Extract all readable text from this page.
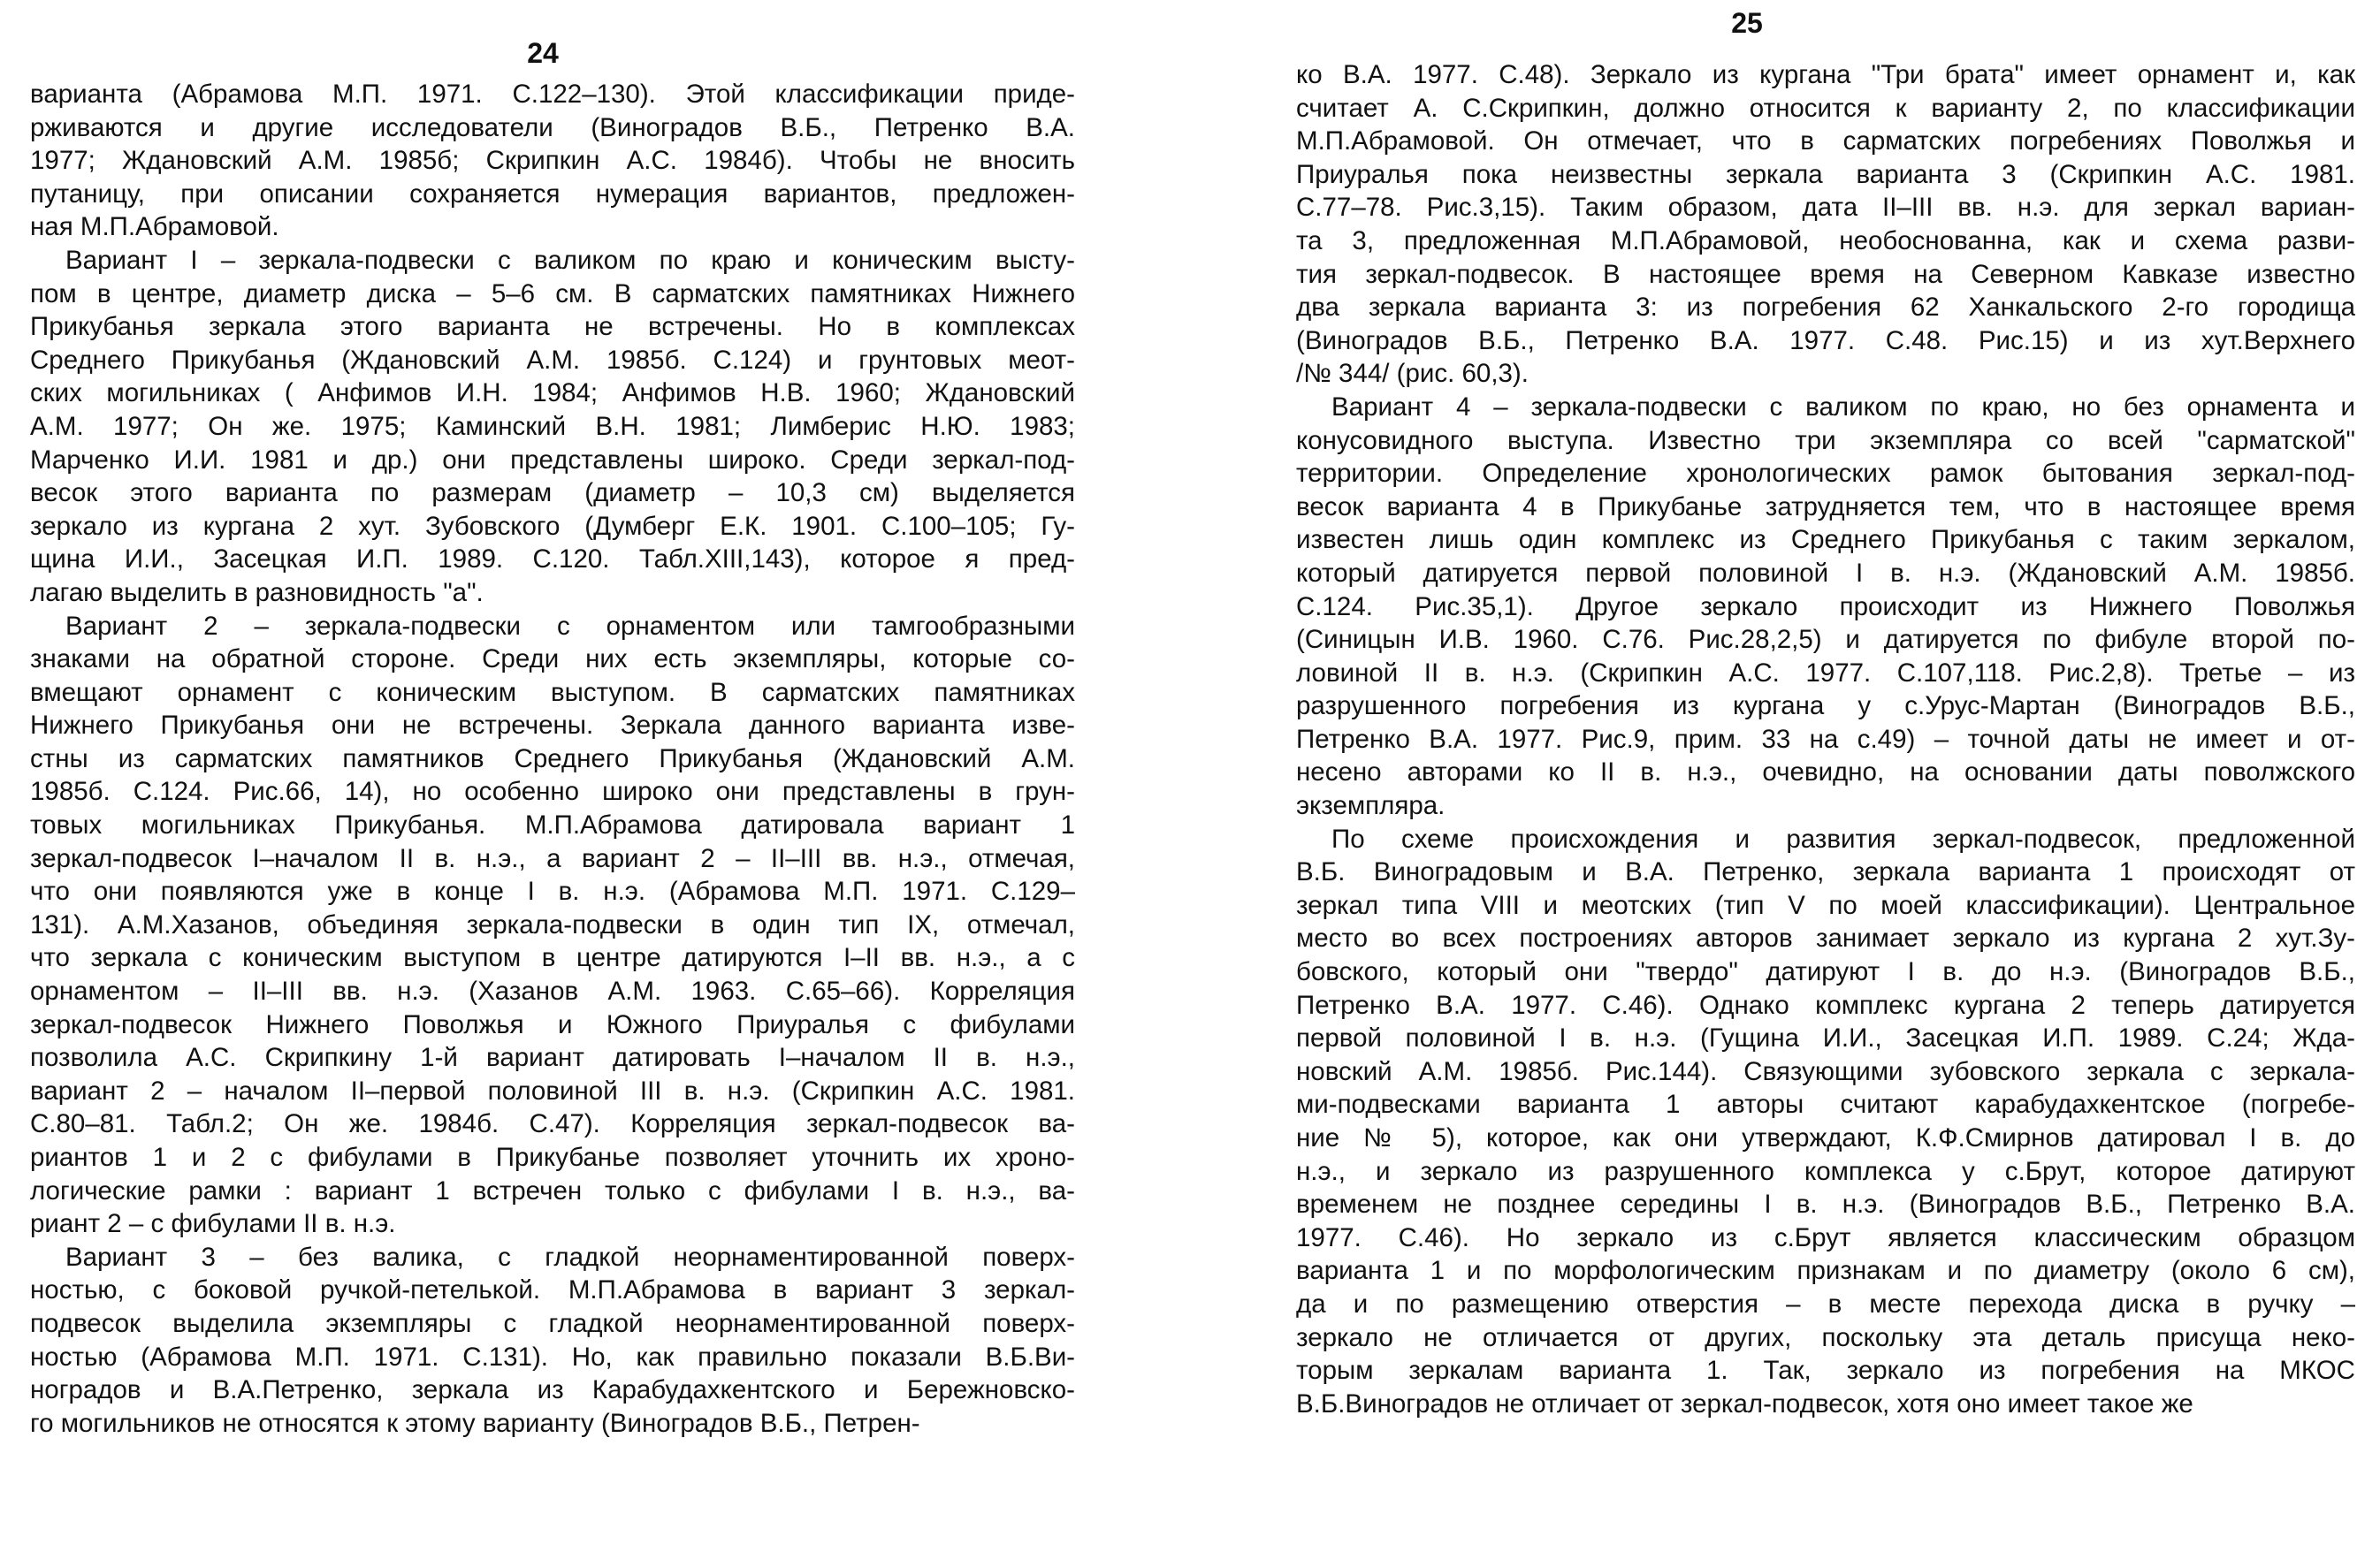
24

варианта (Абрамова М.П. 1971. С.122–130). Этой классификации приде-
рживаются и другие исследователи (Виноградов В.Б., Петренко В.А.
1977; Ждановский А.М. 1985б; Скрипкин А.С. 1984б). Чтобы не вносить
путаницу, при описании сохраняется нумерация вариантов, предложен-
ная М.П.Абрамовой.

Вариант I – зеркала-подвески с валиком по краю и коническим высту-
пом в центре, диаметр диска – 5–6 см. В сарматских памятниках Нижнего
Прикубанья зеркала этого варианта не встречены. Но в комплексах
Среднего Прикубанья (Ждановский А.М. 1985б. С.124) и грунтовых меот-
ских могильниках ( Анфимов И.Н. 1984; Анфимов Н.В. 1960; Ждановский
А.М. 1977; Он же. 1975; Каминский В.Н. 1981; Лимберис Н.Ю. 1983;
Марченко И.И. 1981 и др.) они представлены широко. Среди зеркал-под-
весок этого варианта по размерам (диаметр – 10,3 см) выделяется
зеркало из кургана 2 хут. Зубовского (Думберг Е.К. 1901. С.100–105; Гу-
щина И.И., Засецкая И.П. 1989. С.120. Табл.XIII,143), которое я пред-
лагаю выделить в разновидность "а".

Вариант 2 – зеркала-подвески с орнаментом или тамгообразными
знаками на обратной стороне. Среди них есть экземпляры, которые со-
вмещают орнамент с коническим выступом. В сарматских памятниках
Нижнего Прикубанья они не встречены. Зеркала данного варианта изве-
стны из сарматских памятников Среднего Прикубанья (Ждановский А.М.
1985б. С.124. Рис.66, 14), но особенно широко они представлены в грун-
товых могильниках Прикубанья. М.П.Абрамова датировала вариант 1
зеркал-подвесок I–началом II в. н.э., а вариант 2 – II–III вв. н.э., отмечая,
что они появляются уже в конце I в. н.э. (Абрамова М.П. 1971. С.129–
131). А.М.Хазанов, объединяя зеркала-подвески в один тип IX, отмечал,
что зеркала с коническим выступом в центре датируются I–II вв. н.э., а с
орнаментом – II–III вв. н.э. (Хазанов А.М. 1963. С.65–66). Корреляция
зеркал-подвесок Нижнего Поволжья и Южного Приуралья с фибулами
позволила А.С. Скрипкину 1-й вариант датировать I–началом II в. н.э.,
вариант 2 – началом II–первой половиной III в. н.э. (Скрипкин А.С. 1981.
С.80–81. Табл.2; Он же. 1984б. С.47). Корреляция зеркал-подвесок ва-
риантов 1 и 2 с фибулами в Прикубанье позволяет уточнить их хроно-
логические рамки : вариант 1 встречен только с фибулами I в. н.э., ва-
риант 2 – с фибулами II в. н.э.

Вариант 3 – без валика, с гладкой неорнаментированной поверх-
ностью, с боковой ручкой-петелькой. М.П.Абрамова в вариант 3 зеркал-
подвесок выделила экземпляры с гладкой неорнаментированной поверх-
ностью (Абрамова М.П. 1971. С.131). Но, как правильно показали В.Б.Ви-
ноградов и В.А.Петренко, зеркала из Карабудахкентского и Бережновско-
го могильников не относятся к этому варианту (Виноградов В.Б., Петрен-

25

ко В.А. 1977. С.48). Зеркало из кургана "Три брата" имеет орнамент и, как
считает А. С.Скрипкин, должно относится к варианту 2, по классификации
М.П.Абрамовой. Он отмечает, что в сарматских погребениях Поволжья и
Приуралья пока неизвестны зеркала варианта 3 (Скрипкин А.С. 1981.
С.77–78. Рис.3,15). Таким образом, дата II–III вв. н.э. для зеркал вариан-
та 3, предложенная М.П.Абрамовой, необоснованна, как и схема разви-
тия зеркал-подвесок. В настоящее время на Северном Кавказе известно
два зеркала варианта 3: из погребения 62 Ханкальского 2-го городища
(Виноградов В.Б., Петренко В.А. 1977. С.48. Рис.15) и из хут.Верхнего
/№ 344/ (рис. 60,3).

Вариант 4 – зеркала-подвески с валиком по краю, но без орнамента и
конусовидного выступа. Известно три экземпляра со всей "сарматской"
территории. Определение хронологических рамок бытования зеркал-под-
весок варианта 4 в Прикубанье затрудняется тем, что в настоящее время
известен лишь один комплекс из Среднего Прикубанья с таким зеркалом,
который датируется первой половиной I в. н.э. (Ждановский А.М. 1985б.
С.124. Рис.35,1). Другое зеркало происходит из Нижнего Поволжья
(Синицын И.В. 1960. С.76. Рис.28,2,5) и датируется по фибуле второй по-
ловиной II в. н.э. (Скрипкин А.С. 1977. С.107,118. Рис.2,8). Третье – из
разрушенного погребения из кургана у с.Урус-Мартан (Виноградов В.Б.,
Петренко В.А. 1977. Рис.9, прим. 33 на с.49) – точной даты не имеет и от-
несено авторами ко II в. н.э., очевидно, на основании даты поволжского
экземпляра.

По схеме происхождения и развития зеркал-подвесок, предложенной
В.Б. Виноградовым и В.А. Петренко, зеркала варианта 1 происходят от
зеркал типа VIII и меотских (тип V по моей классификации). Центральное
место во всех построениях авторов занимает зеркало из кургана 2 хут.Зу-
бовского, который они "твердо" датируют I в. до н.э. (Виноградов В.Б.,
Петренко В.А. 1977. С.46). Однако комплекс кургана 2 теперь датируется
первой половиной I в. н.э. (Гущина И.И., Засецкая И.П. 1989. С.24; Жда-
новский А.М. 1985б. Рис.144). Связующими зубовского зеркала с зеркала-
ми-подвесками варианта 1 авторы считают карабудахкентское (погребе-
ние № 5), которое, как они утверждают, К.Ф.Смирнов датировал I в. до
н.э., и зеркало из разрушенного комплекса у с.Брут, которое датируют
временем не позднее середины I в. н.э. (Виноградов В.Б., Петренко В.А.
1977. С.46). Но зеркало из с.Брут является классическим образцом
варианта 1 и по морфологическим признакам и по диаметру (около 6 см),
да и по размещению отверстия – в месте перехода диска в ручку –
зеркало не отличается от других, поскольку эта деталь присуща неко-
торым зеркалам варианта 1. Так, зеркало из погребения на МКОС
В.Б.Виноградов не отличает от зеркал-подвесок, хотя оно имеет такое же
